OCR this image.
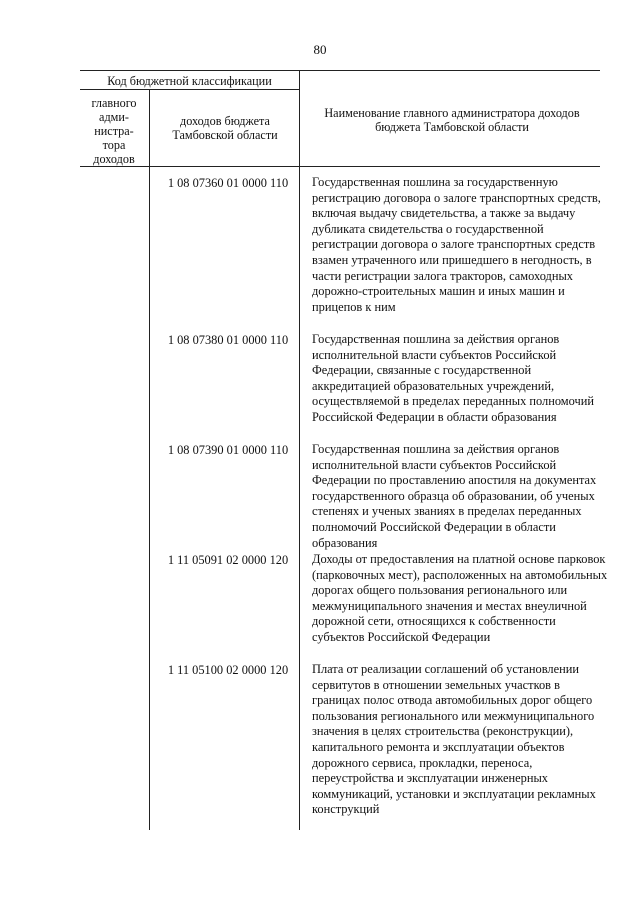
80
Код бюджетной классификации
главного адми- нистра- тора доходов
доходов бюджета Тамбовской области
Наименование главного администратора доходов бюджета Тамбовской области
1 08 07360 01 0000 110	Государственная пошлина за государственную регистрацию договора о залоге транспортных средств, включая выдачу свидетельства, а также за выдачу дубликата свидетельства о государственной регистрации договора о залоге транспортных средств взамен утраченного или пришедшего в негодность, в части регистрации залога тракторов, самоходных дорожно-строительных машин и иных машин и прицепов к ним

1 08 07380 01 0000 110	Государственная пошлина за действия органов исполнительной власти субъектов Российской Федерации, связанные с государственной аккредитацией образовательных учреждений, осуществляемой в пределах переданных полномочий Российской Федерации в области образования

1 08 07390 01 0000 110	Государственная пошлина за действия органов исполнительной власти субъектов Российской Федерации по проставлению апостиля на документах государственного образца об образовании, об ученых степенях и ученых званиях в пределах переданных полномочий Российской Федерации в области образования

1 11 05091 02 0000 120	Доходы от предоставления на платной основе парковок (парковочных мест), расположенных на автомобильных дорогах общего пользования регионального или межмуниципального значения и местах внеуличной дорожной сети, относящихся к собственности субъектов Российской Федерации

1 11 05100 02 0000 120	Плата от реализации соглашений об установлении сервитутов в отношении земельных участков в границах полос отвода автомобильных дорог общего пользования регионального или межмуниципального значения в целях строительства (реконструкции), капитального ремонта и эксплуатации объектов дорожного сервиса, прокладки, переноса, переустройства и эксплуатации инженерных коммуникаций, установки и эксплуатации рекламных конструкций
